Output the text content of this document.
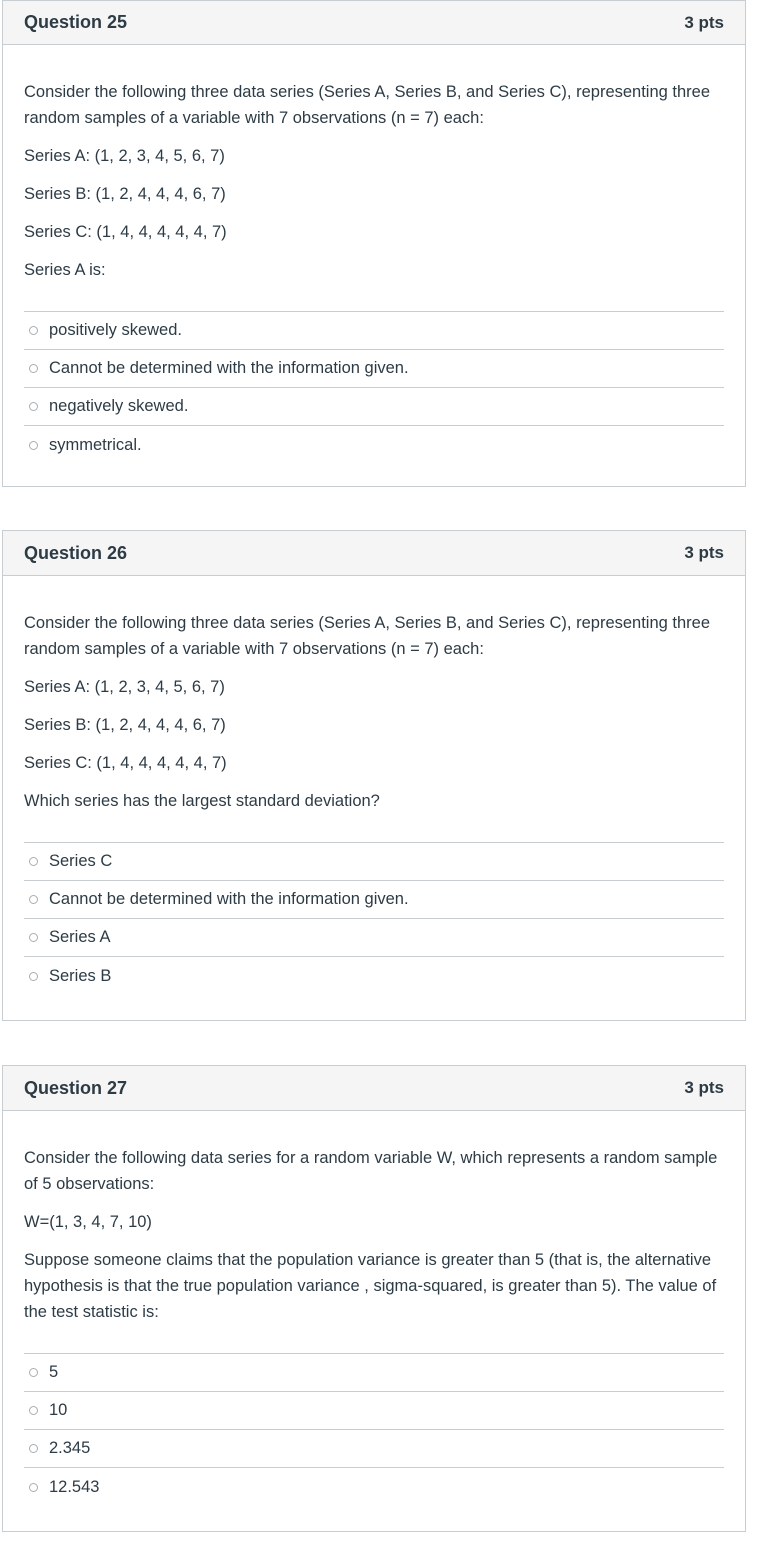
Question 25	3 pts

Consider the following three data series (Series A, Series B, and Series C), representing three random samples of a variable with 7 observations (n = 7) each:

Series A: (1, 2, 3, 4, 5, 6, 7)

Series B: (1, 2, 4, 4, 4, 6, 7)

Series C: (1, 4, 4, 4, 4, 4, 7)

Series A is:

positively skewed.
Cannot be determined with the information given.
negatively skewed.
symmetrical.
Question 26	3 pts

Consider the following three data series (Series A, Series B, and Series C), representing three random samples of a variable with 7 observations (n = 7) each:

Series A: (1, 2, 3, 4, 5, 6, 7)

Series B: (1, 2, 4, 4, 4, 6, 7)

Series C: (1, 4, 4, 4, 4, 4, 7)

Which series has the largest standard deviation?

Series C
Cannot be determined with the information given.
Series A
Series B
Question 27	3 pts

Consider the following data series for a random variable W, which represents a random sample of 5 observations:

W=(1, 3, 4, 7, 10)

Suppose someone claims that the population variance is greater than 5 (that is, the alternative hypothesis is that the true population variance , sigma-squared, is greater than 5). The value of the test statistic is:

5
10
2.345
12.543
